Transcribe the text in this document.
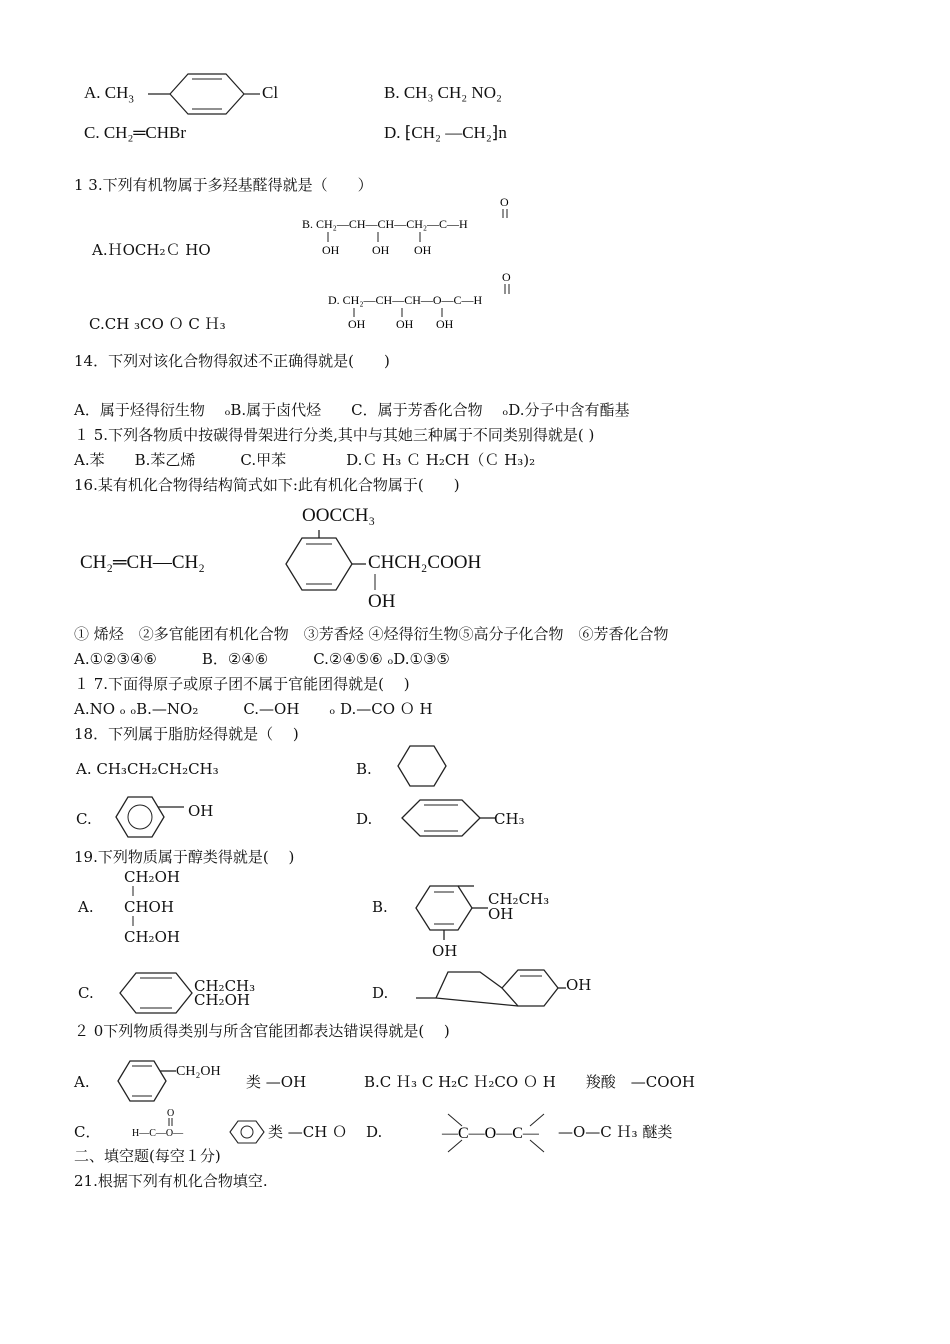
A. $CH_3$	Cl	B. CH₃ CH₂ NO₂
C. CH₂═CHBr	D. ⁅CH₂ —CH₂⁆n
1 3.下列有机物属于多羟基醛得就是（　　）
A.ＨOCH₂Ｃ HO
B. CH₂—CH—CH—CH₂—C—H
OH	OH OH
O
C.CH ₃CO Ｏ C Ｈ₃
D. CH₂—CH—CH—O—C—H
OH	OH OH
O
14．下列对该化合物得叙述不正确得就是(　　)
A．属于烃得衍生物　 ₒB.属于卤代烃　　C．属于芳香化合物　 ₒD.分子中含有酯基
１ 5.下列各物质中按碳得骨架进行分类,其中与其她三种属于不同类别得就是( )
A.苯　　B.苯乙烯　　　C.甲苯　　　　D.Ｃ H₃ Ｃ H₂CH（Ｃ H₃)₂
16.某有机化合物得结构简式如下:此有机化合物属于(　　)
OOCCH₃
CH₂═CH—CH₂	CHCH₂COOH
OH
① 烯烃　②多官能团有机化合物　③芳香烃 ④烃得衍生物⑤高分子化合物　⑥芳香化合物
A.①②③④⑥　　　B．②④⑥　　　C.②④⑤⑥ ₒD.①③⑤
１ 7.下面得原子或原子团不属于官能团得就是(　 )
A.NO ₒ ₒB.—NO₂　　　C.—OH　　ₒ D.—CO Ｏ H
18．下列属于脂肪烃得就是（　 )
A. CH₃CH₂CH₂CH₃	B.
C.	OH	D.	CH₃
19.下列物质属于醇类得就是(　 )
A.
CH₂OH
CHOH
CH₂OH
B.	CH₂CH₃
OH
OH
C.	CH₂CH₃
CH₂OH	D.	OH
２ 0下列物质得类别与所含官能团都表达错误得就是(　 )
A.
CH₂OH
类 —OH	B.C Ｈ₃ C H₂C Ｈ₂CO Ｏ H　　羧酸　—COOH
C．	H—C—O—
O
类 —CH Ｏ D.	—C—O—C— —O—C Ｈ₃ 醚类
二、填空题(每空１分)
21.根据下列有机化合物填空.
